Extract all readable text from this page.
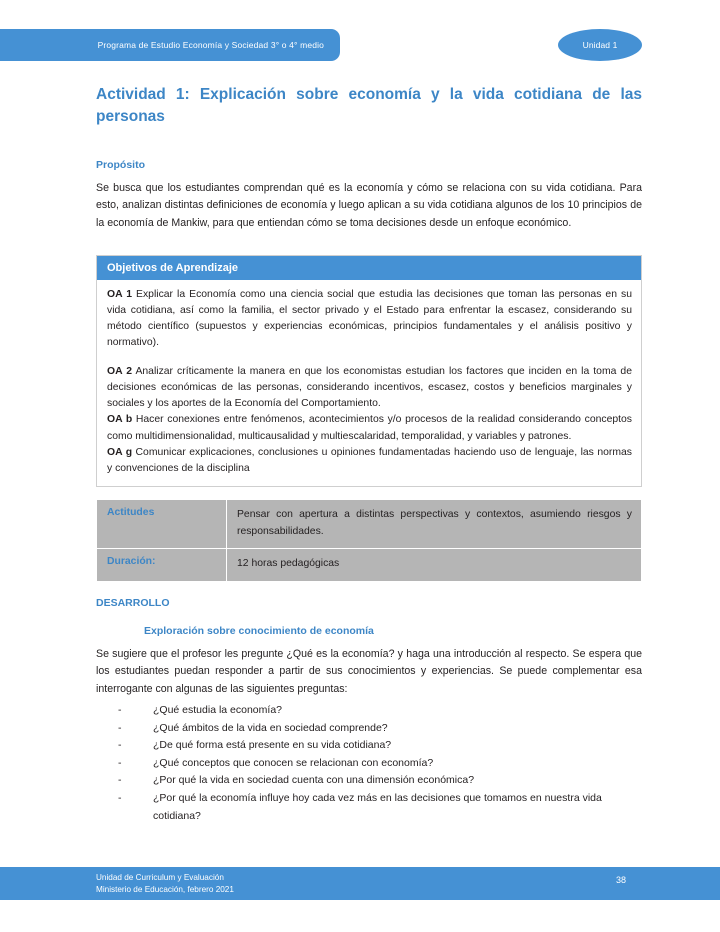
Programa de Estudio Economía y Sociedad 3° o 4° medio	Unidad 1
Actividad 1: Explicación sobre economía y la vida cotidiana de las personas
Propósito

Se busca que los estudiantes comprendan qué es la economía y cómo se relaciona con su vida cotidiana. Para esto, analizan distintas definiciones de economía y luego aplican a su vida cotidiana algunos de los 10 principios de la economía de Mankiw, para que entiendan cómo se toma decisiones desde un enfoque económico.

Objetivos de Aprendizaje
OA 1 Explicar la Economía como una ciencia social que estudia las decisiones que toman las personas en su vida cotidiana, así como la familia, el sector privado y el Estado para enfrentar la escasez, considerando su método científico (supuestos y experiencias económicas, principios fundamentales y el análisis positivo y normativo).
OA 2 Analizar críticamente la manera en que los economistas estudian los factores que inciden en la toma de decisiones económicas de las personas, considerando incentivos, escasez, costos y beneficios marginales y sociales y los aportes de la Economía del Comportamiento.
OA b Hacer conexiones entre fenómenos, acontecimientos y/o procesos de la realidad considerando conceptos como multidimensionalidad, multicausalidad y multiescalaridad, temporalidad, y variables y patrones.
OA g Comunicar explicaciones, conclusiones u opiniones fundamentadas haciendo uso de lenguaje, las normas y convenciones de la disciplina
Actitudes	Pensar con apertura a distintas perspectivas y contextos, asumiendo riesgos y responsabilidades.
Duración:	12 horas pedagógicas
DESARROLLO
Exploración sobre conocimiento de economía

Se sugiere que el profesor les pregunte ¿Qué es la economía? y haga una introducción al respecto. Se espera que los estudiantes puedan responder a partir de sus conocimientos y experiencias. Se puede complementar esa interrogante con algunas de las siguientes preguntas:

- ¿Qué estudia la economía?
- ¿Qué ámbitos de la vida en sociedad comprende?
- ¿De qué forma está presente en su vida cotidiana?
- ¿Qué conceptos que conocen se relacionan con economía?
- ¿Por qué la vida en sociedad cuenta con una dimensión económica?
- ¿Por qué la economía influye hoy cada vez más en las decisiones que tomamos en nuestra vida cotidiana?
Unidad de Curriculum y Evaluación
Ministerio de Educación, febrero 2021
38
